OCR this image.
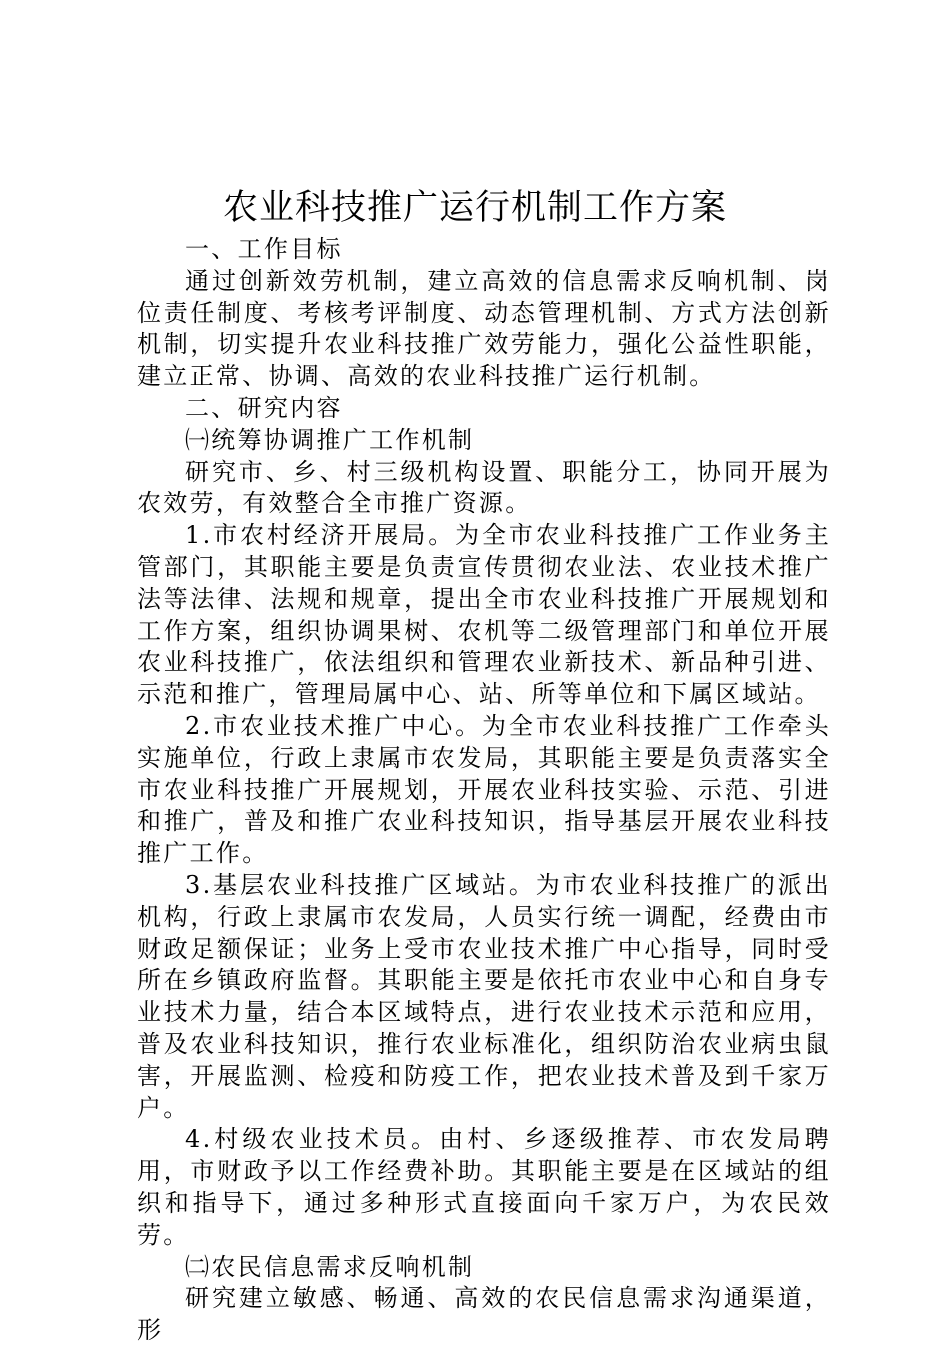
农业科技推广运行机制工作方案

一、工作目标

通过创新效劳机制，建立高效的信息需求反响机制、岗位责任制度、考核考评制度、动态管理机制、方式方法创新机制，切实提升农业科技推广效劳能力，强化公益性职能，建立正常、协调、高效的农业科技推广运行机制。

二、研究内容

㈠统筹协调推广工作机制

研究市、乡、村三级机构设置、职能分工，协同开展为农效劳，有效整合全市推广资源。

1.市农村经济开展局。为全市农业科技推广工作业务主管部门，其职能主要是负责宣传贯彻农业法、农业技术推广法等法律、法规和规章，提出全市农业科技推广开展规划和工作方案，组织协调果树、农机等二级管理部门和单位开展农业科技推广，依法组织和管理农业新技术、新品种引进、示范和推广，管理局属中心、站、所等单位和下属区域站。

2.市农业技术推广中心。为全市农业科技推广工作牵头实施单位，行政上隶属市农发局，其职能主要是负责落实全市农业科技推广开展规划，开展农业科技实验、示范、引进和推广，普及和推广农业科技知识，指导基层开展农业科技推广工作。

3.基层农业科技推广区域站。为市农业科技推广的派出机构，行政上隶属市农发局，人员实行统一调配，经费由市财政足额保证；业务上受市农业技术推广中心指导，同时受所在乡镇政府监督。其职能主要是依托市农业中心和自身专业技术力量，结合本区域特点，进行农业技术示范和应用，普及农业科技知识，推行农业标准化，组织防治农业病虫鼠害，开展监测、检疫和防疫工作，把农业技术普及到千家万户。

4.村级农业技术员。由村、乡逐级推荐、市农发局聘用，市财政予以工作经费补助。其职能主要是在区域站的组织和指导下，通过多种形式直接面向千家万户，为农民效劳。

㈡农民信息需求反响机制

研究建立敏感、畅通、高效的农民信息需求沟通渠道，形
